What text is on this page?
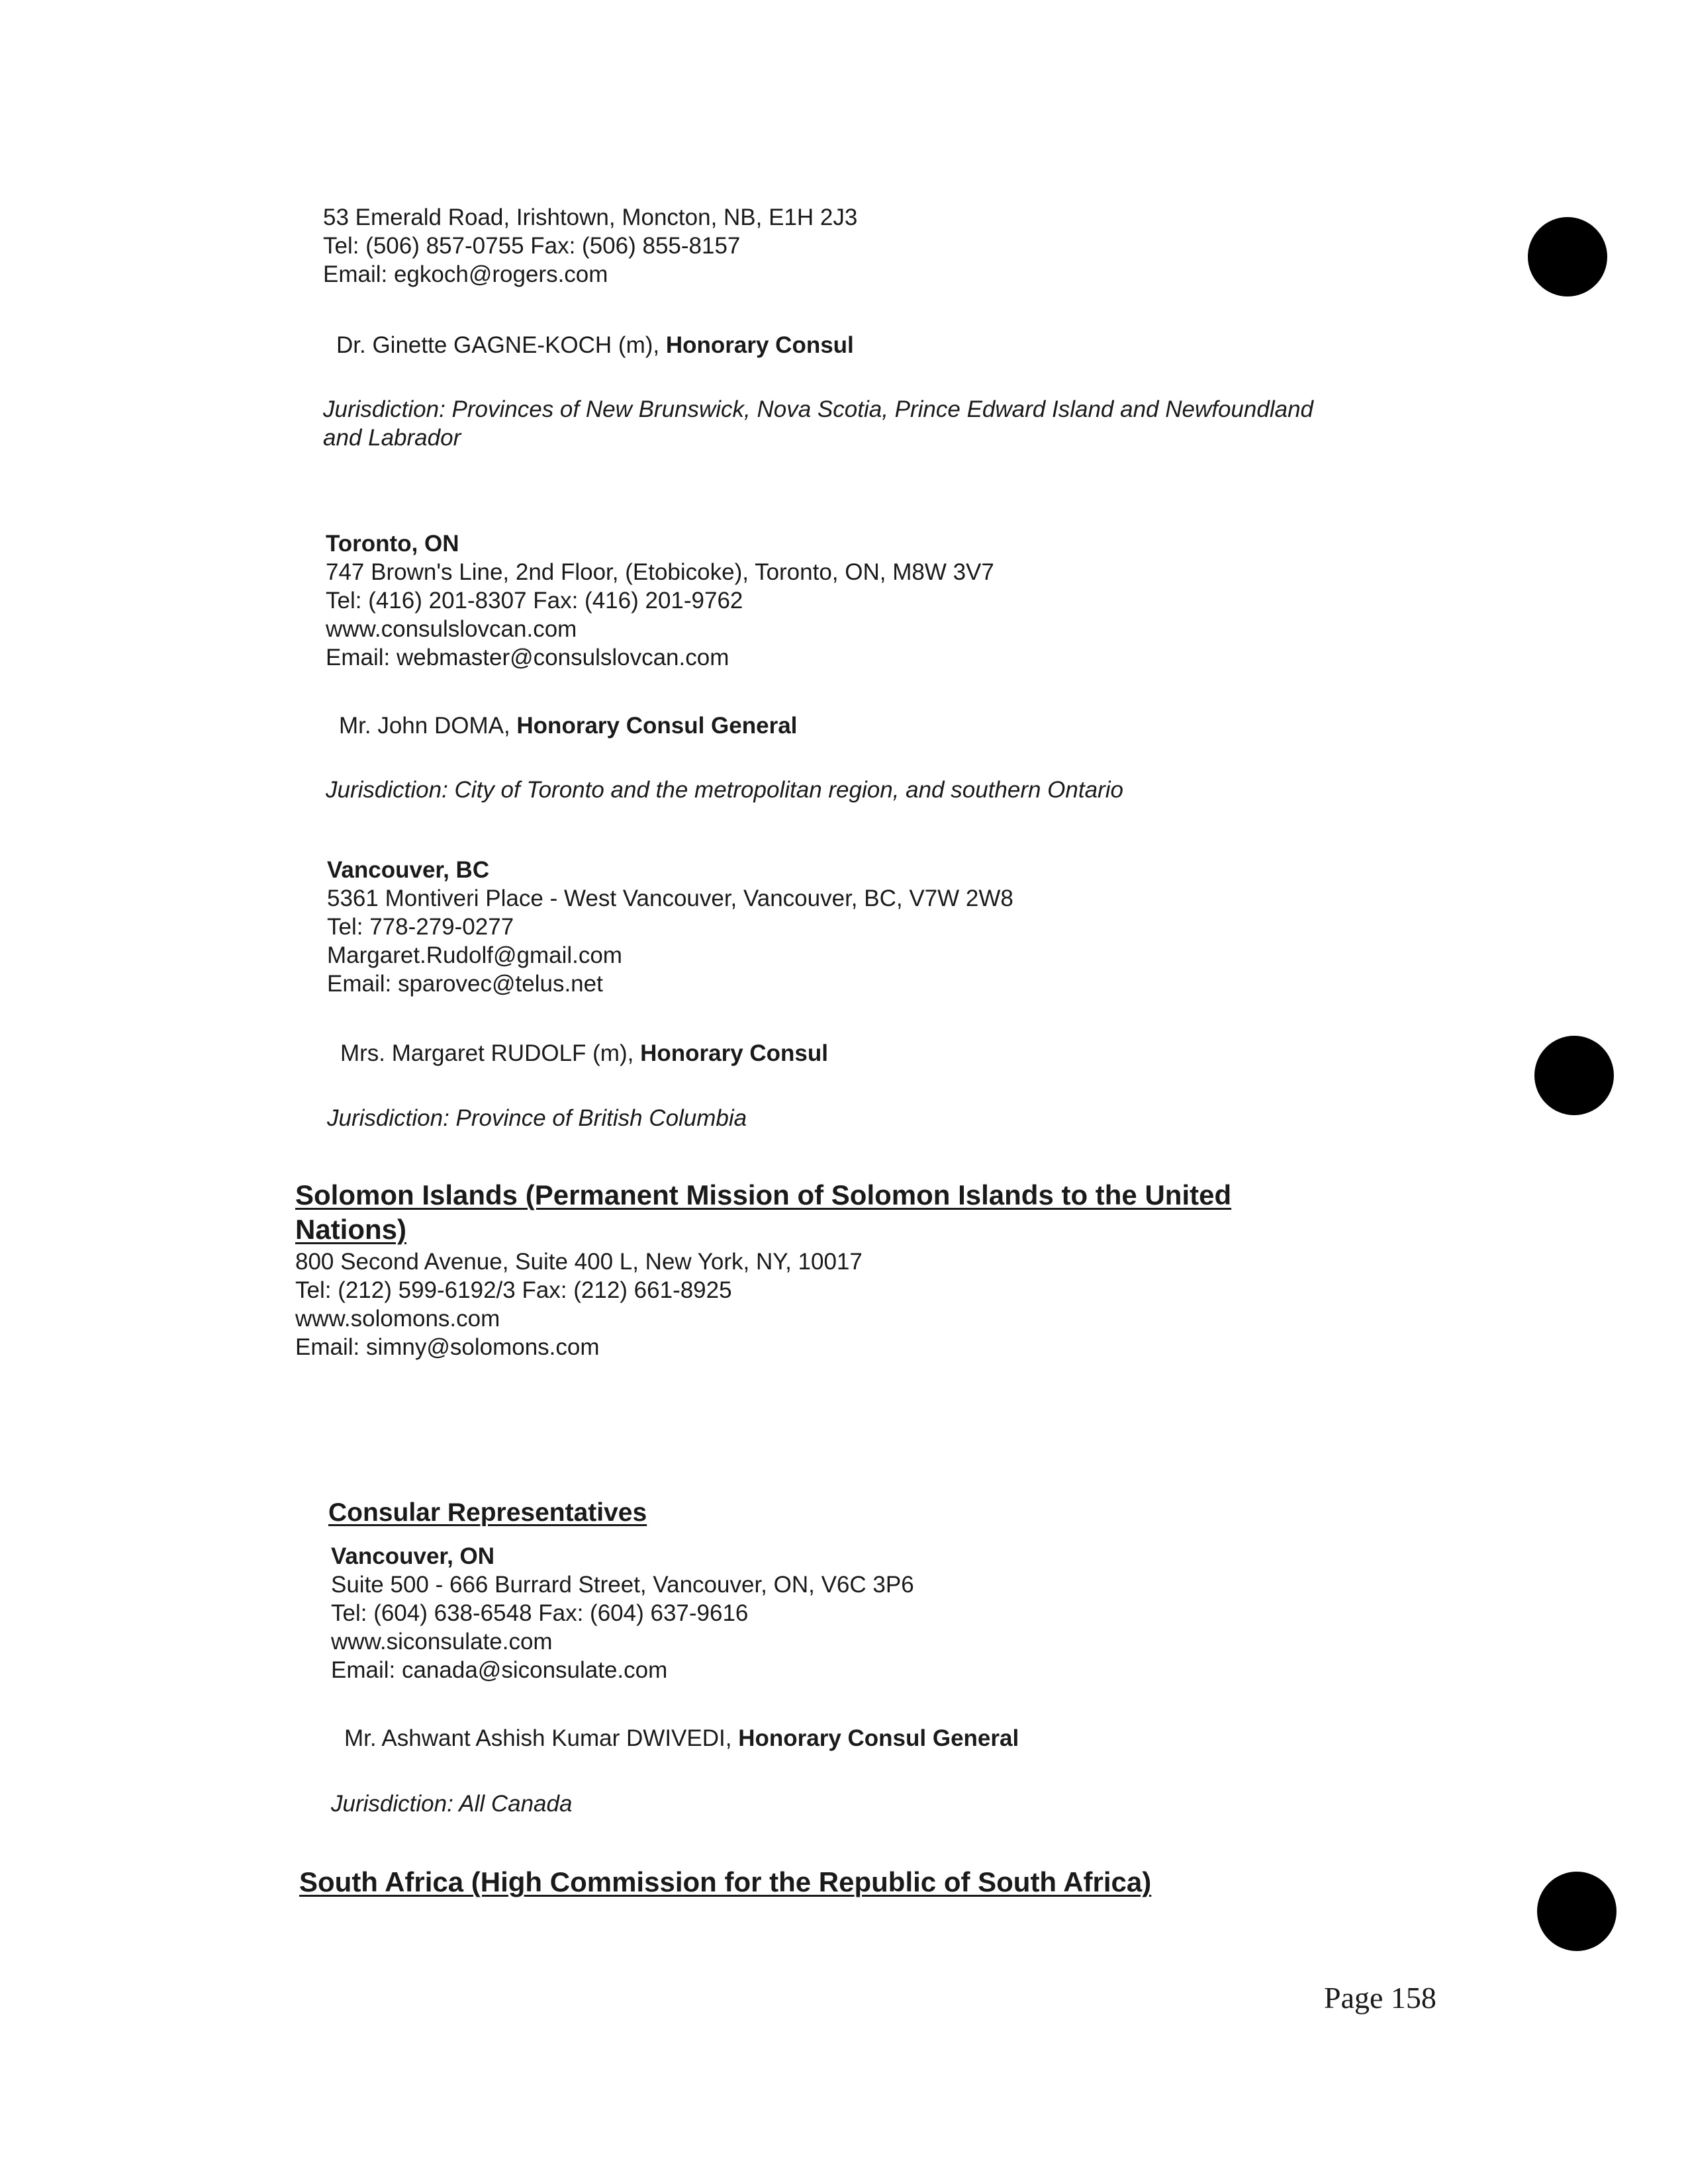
53 Emerald Road, Irishtown, Moncton, NB, E1H 2J3
Tel: (506) 857-0755 Fax: (506) 855-8157
Email: egkoch@rogers.com
Dr. Ginette GAGNE-KOCH (m), Honorary Consul
Jurisdiction: Provinces of New Brunswick, Nova Scotia, Prince Edward Island and Newfoundland
and Labrador
Toronto, ON
747 Brown's Line, 2nd Floor, (Etobicoke), Toronto, ON, M8W 3V7
Tel: (416) 201-8307 Fax: (416) 201-9762
www.consulslovcan.com
Email: webmaster@consulslovcan.com
Mr. John DOMA, Honorary Consul General
Jurisdiction: City of Toronto and the metropolitan region, and southern Ontario
Vancouver, BC
5361 Montiveri Place - West Vancouver, Vancouver, BC, V7W 2W8
Tel: 778-279-0277
Margaret.Rudolf@gmail.com
Email: sparovec@telus.net
Mrs. Margaret RUDOLF (m), Honorary Consul
Jurisdiction: Province of British Columbia
Solomon Islands (Permanent Mission of Solomon Islands to the United
Nations)
800 Second Avenue, Suite 400 L, New York, NY, 10017
Tel: (212) 599-6192/3 Fax: (212) 661-8925
www.solomons.com
Email: simny@solomons.com
Consular Representatives
Vancouver, ON
Suite 500 - 666 Burrard Street, Vancouver, ON, V6C 3P6
Tel: (604) 638-6548 Fax: (604) 637-9616
www.siconsulate.com
Email: canada@siconsulate.com
Mr. Ashwant Ashish Kumar DWIVEDI, Honorary Consul General
Jurisdiction: All Canada
South Africa (High Commission for the Republic of South Africa)
Page 158
